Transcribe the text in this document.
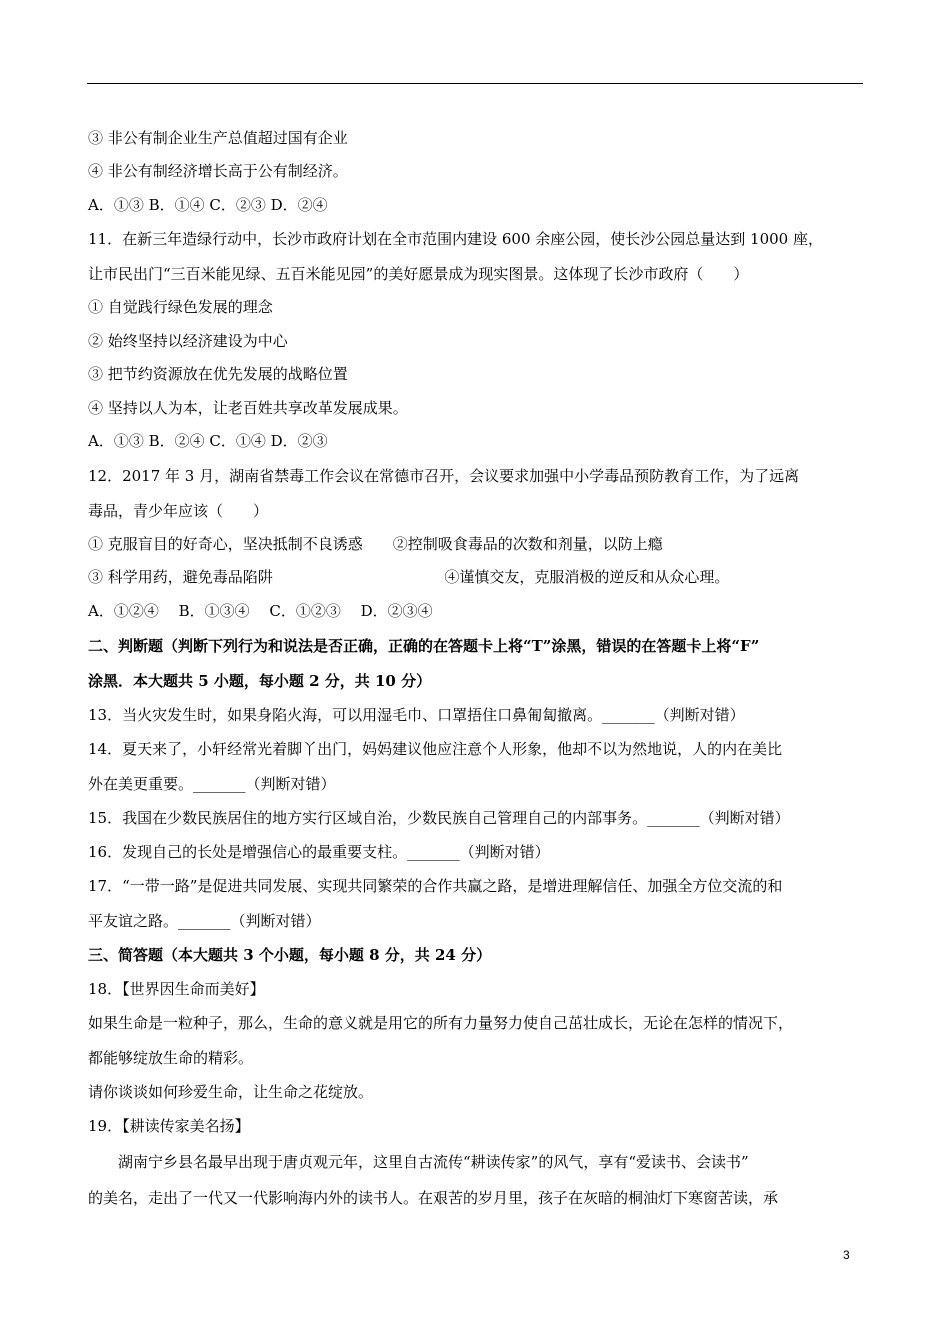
③ 非公有制企业生产总值超过国有企业
④ 非公有制经济增长高于公有制经济。
A．①③ B．①④ C．②③ D．②④
11．在新三年造绿行动中，长沙市政府计划在全市范围内建设 600 余座公园，使长沙公园总量达到 1000 座，
让市民出门“三百米能见绿、五百米能见园”的美好愿景成为现实图景。这体现了长沙市政府（　　）
① 自觉践行绿色发展的理念
② 始终坚持以经济建设为中心
③ 把节约资源放在优先发展的战略位置
④ 坚持以人为本，让老百姓共享改革发展成果。
A．①③ B．②④ C．①④ D．②③
12．2017 年 3 月，湖南省禁毒工作会议在常德市召开，会议要求加强中小学毒品预防教育工作，为了远离
毒品，青少年应该（　　）
① 克服盲目的好奇心，坚决抵制不良诱惑　　②控制吸食毒品的次数和剂量，以防上瘾
③ 科学用药，避免毒品陷阱                                    ④谨慎交友，克服消极的逆反和从众心理。
A．①②④　 B．①③④　 C．①②③　 D．②③④
二、判断题（判断下列行为和说法是否正确，正确的在答题卡上将“T”涂黑，错误的在答题卡上将“F”
涂黑．本大题共 5 小题，每小题 2 分，共 10 分）
13．当火灾发生时，如果身陷火海，可以用湿毛巾、口罩捂住口鼻匍匐撤离。_______（判断对错）
14．夏天来了，小轩经常光着脚丫出门，妈妈建议他应注意个人形象，他却不以为然地说，人的内在美比
外在美更重要。_______（判断对错）
15．我国在少数民族居住的地方实行区域自治，少数民族自己管理自己的内部事务。_______（判断对错）
16．发现自己的长处是增强信心的最重要支柱。_______（判断对错）
17．“一带一路”是促进共同发展、实现共同繁荣的合作共赢之路，是增进理解信任、加强全方位交流的和
平友谊之路。_______（判断对错）
三、简答题（本大题共 3 个小题，每小题 8 分，共 24 分）
18．【世界因生命而美好】
如果生命是一粒种子，那么，生命的意义就是用它的所有力量努力使自己茁壮成长，无论在怎样的情况下，
都能够绽放生命的精彩。
请你谈谈如何珍爱生命，让生命之花绽放。
19．【耕读传家美名扬】
湖南宁乡县名最早出现于唐贞观元年，这里自古流传“耕读传家”的风气，享有“爱读书、会读书”
的美名，走出了一代又一代影响海内外的读书人。在艰苦的岁月里，孩子在灰暗的桐油灯下寒窗苦读，承
3
